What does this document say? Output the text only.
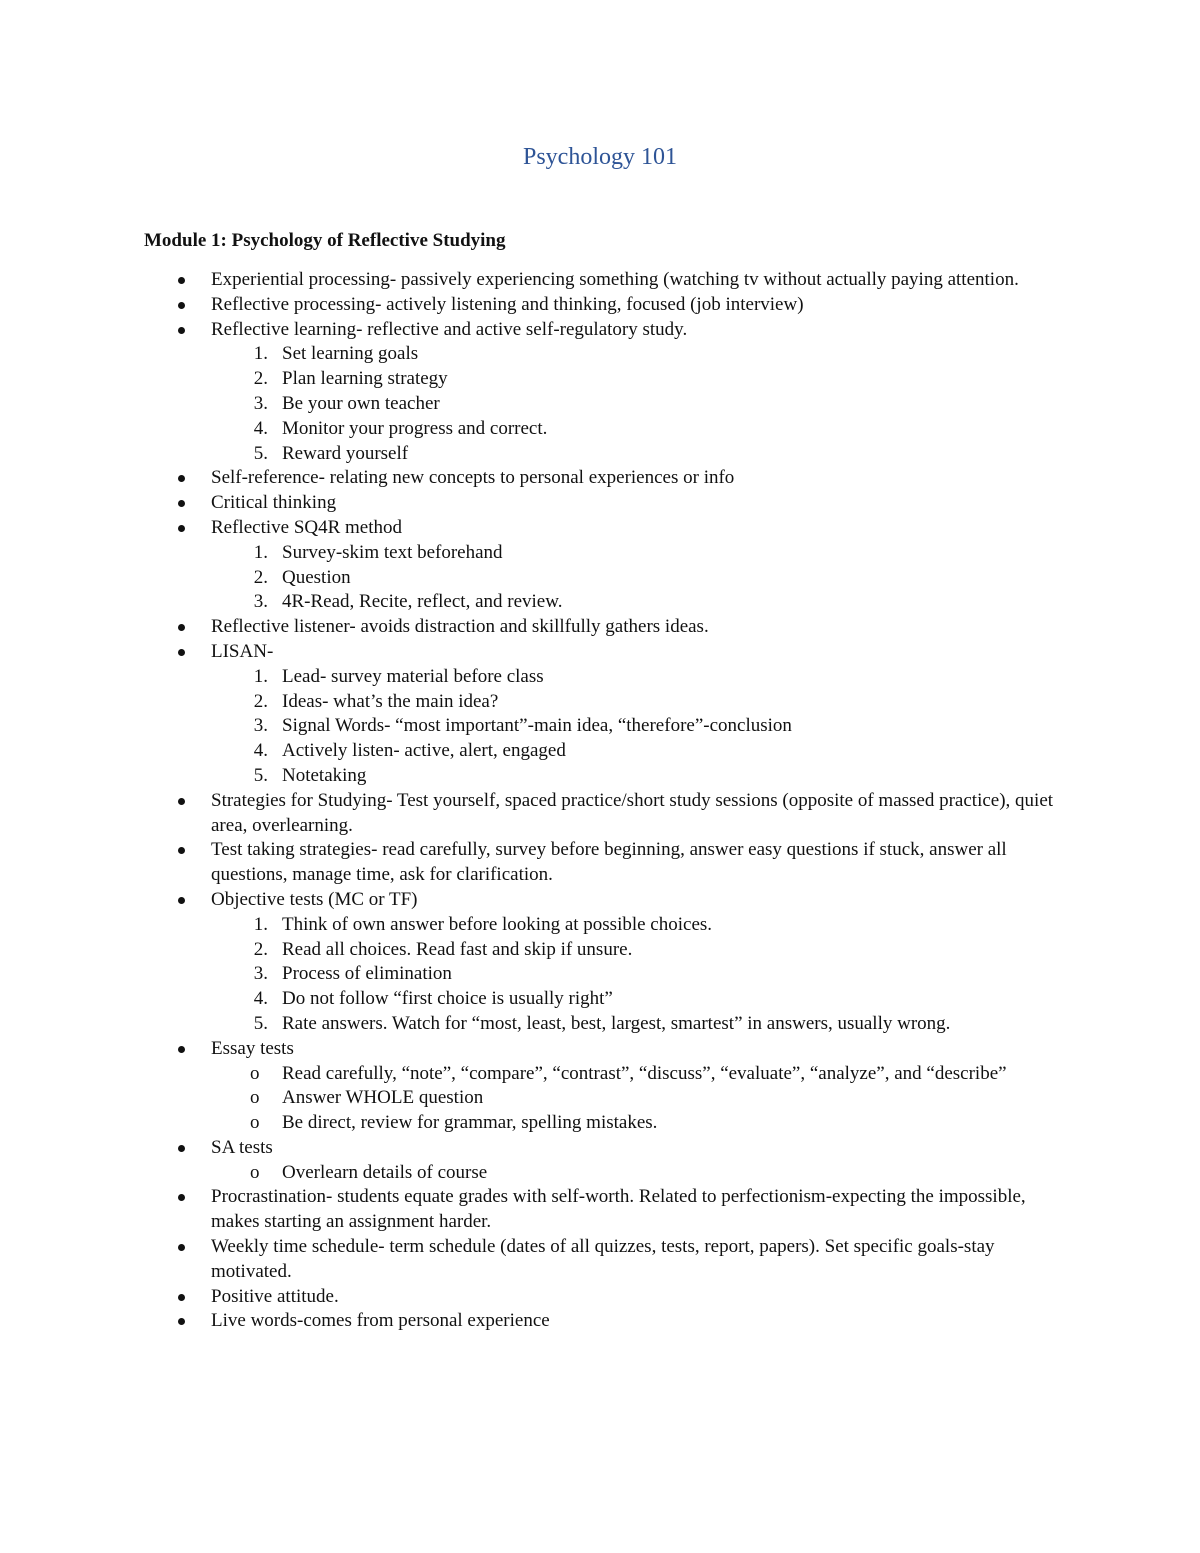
Psychology 101
Module 1: Psychology of Reflective Studying
Experiential processing- passively experiencing something (watching tv without actually paying attention.
Reflective processing- actively listening and thinking, focused (job interview)
Reflective learning- reflective and active self-regulatory study.
1. Set learning goals
2. Plan learning strategy
3. Be your own teacher
4. Monitor your progress and correct.
5. Reward yourself
Self-reference- relating new concepts to personal experiences or info
Critical thinking
Reflective SQ4R method
1. Survey-skim text beforehand
2. Question
3. 4R-Read, Recite, reflect, and review.
Reflective listener- avoids distraction and skillfully gathers ideas.
LISAN-
1. Lead- survey material before class
2. Ideas- what’s the main idea?
3. Signal Words- “most important”-main idea, “therefore”-conclusion
4. Actively listen- active, alert, engaged
5. Notetaking
Strategies for Studying- Test yourself, spaced practice/short study sessions (opposite of massed practice), quiet area, overlearning.
Test taking strategies- read carefully, survey before beginning, answer easy questions if stuck, answer all questions, manage time, ask for clarification.
Objective tests (MC or TF)
1. Think of own answer before looking at possible choices.
2. Read all choices. Read fast and skip if unsure.
3. Process of elimination
4. Do not follow “first choice is usually right”
5. Rate answers. Watch for “most, least, best, largest, smartest” in answers, usually wrong.
Essay tests
o Read carefully, “note”, “compare”, “contrast”, “discuss”, “evaluate”, “analyze”, and “describe”
o Answer WHOLE question
o Be direct, review for grammar, spelling mistakes.
SA tests
o Overlearn details of course
Procrastination- students equate grades with self-worth. Related to perfectionism-expecting the impossible, makes starting an assignment harder.
Weekly time schedule- term schedule (dates of all quizzes, tests, report, papers). Set specific goals-stay motivated.
Positive attitude.
Live words-comes from personal experience
